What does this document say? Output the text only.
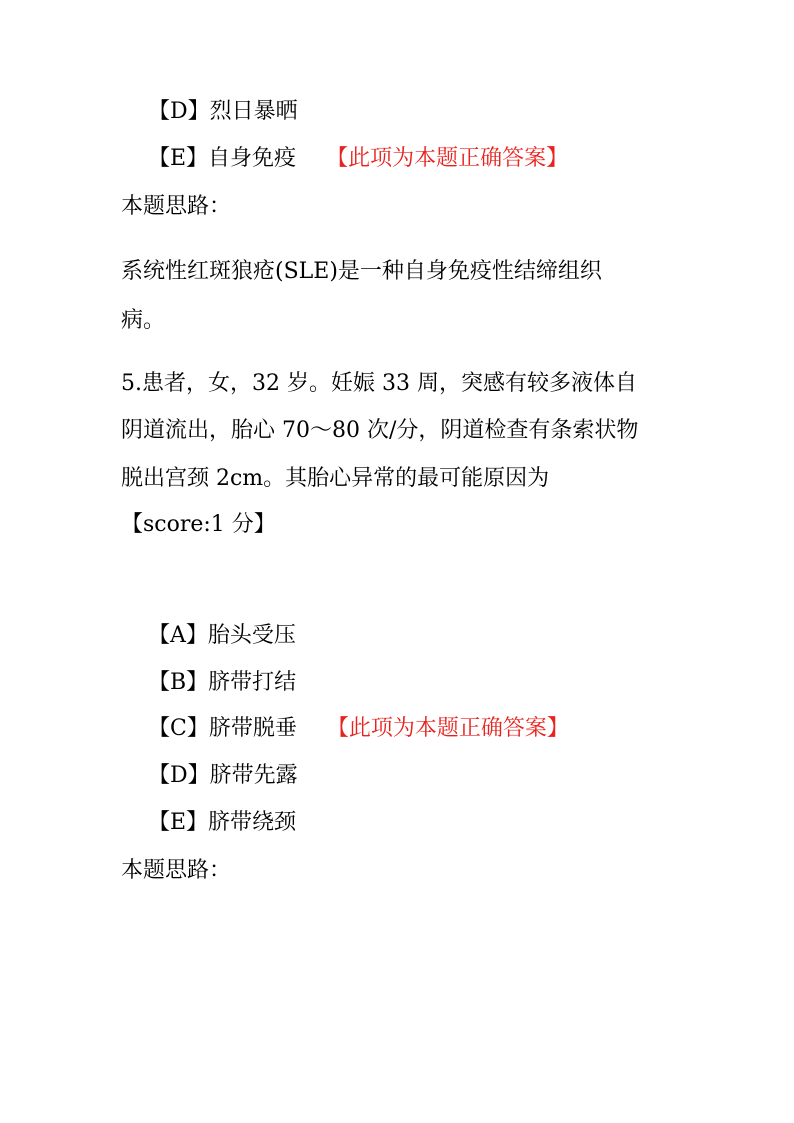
【D】烈日暴晒
【E】自身免疫 【此项为本题正确答案】
本题思路：
系统性红斑狼疮(SLE)是一种自身免疫性结缔组织
病。
5.患者，女，32 岁。妊娠 33 周，突感有较多液体自
阴道流出，胎心 70～80 次/分，阴道检查有条索状物
脱出宫颈 2cm。其胎心异常的最可能原因为
【score:1 分】
【A】胎头受压
【B】脐带打结
【C】脐带脱垂 【此项为本题正确答案】
【D】脐带先露
【E】脐带绕颈
本题思路：
